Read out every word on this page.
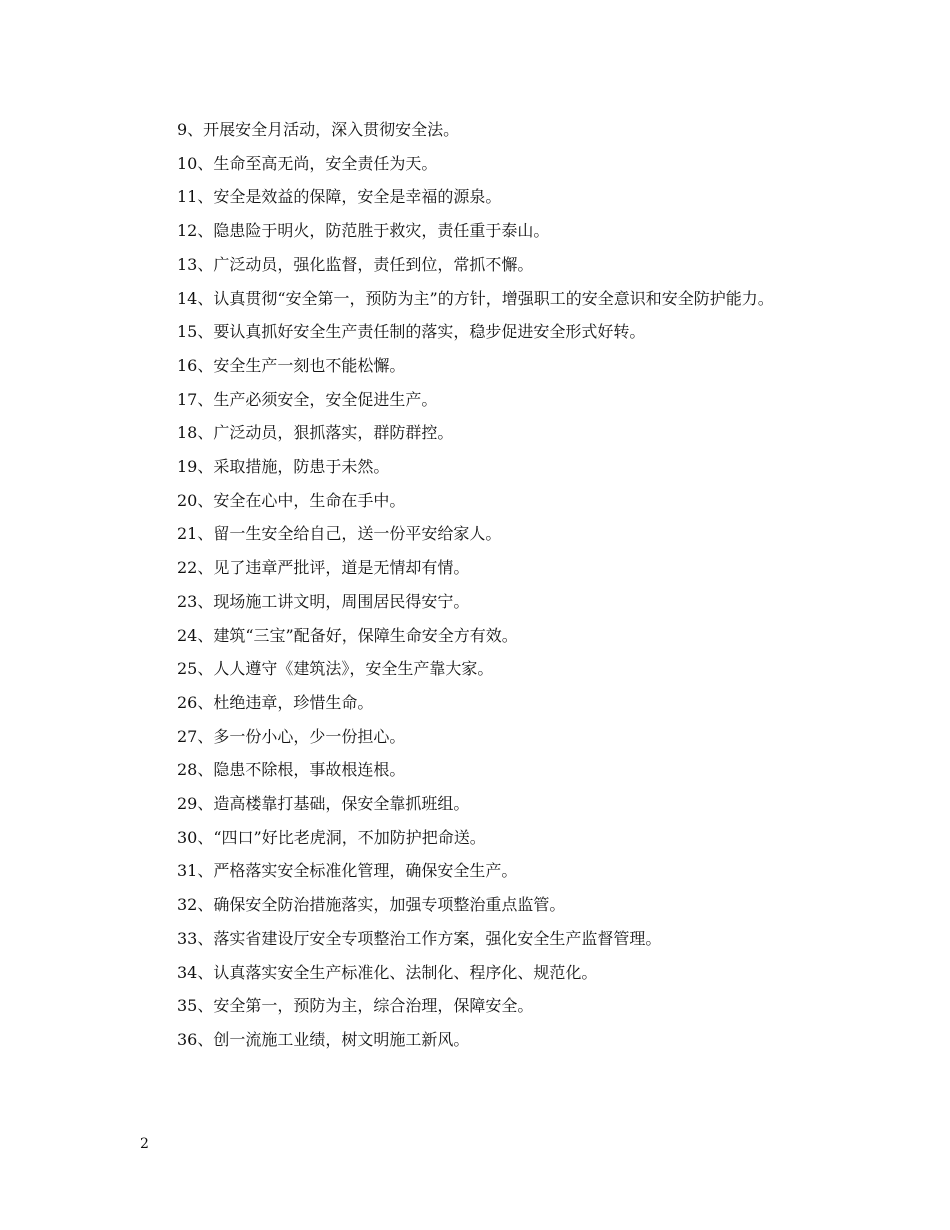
9、开展安全月活动，深入贯彻安全法。
10、生命至高无尚，安全责任为天。
11、安全是效益的保障，安全是幸福的源泉。
12、隐患险于明火，防范胜于救灾，责任重于泰山。
13、广泛动员，强化监督，责任到位，常抓不懈。
14、认真贯彻“安全第一，预防为主”的方针，增强职工的安全意识和安全防护能力。
15、要认真抓好安全生产责任制的落实，稳步促进安全形式好转。
16、安全生产一刻也不能松懈。
17、生产必须安全，安全促进生产。
18、广泛动员，狠抓落实，群防群控。
19、采取措施，防患于未然。
20、安全在心中，生命在手中。
21、留一生安全给自己，送一份平安给家人。
22、见了违章严批评，道是无情却有情。
23、现场施工讲文明，周围居民得安宁。
24、建筑“三宝”配备好，保障生命安全方有效。
25、人人遵守《建筑法》，安全生产靠大家。
26、杜绝违章，珍惜生命。
27、多一份小心，少一份担心。
28、隐患不除根，事故根连根。
29、造高楼靠打基础，保安全靠抓班组。
30、“四口”好比老虎洞，不加防护把命送。
31、严格落实安全标准化管理，确保安全生产。
32、确保安全防治措施落实，加强专项整治重点监管。
33、落实省建设厅安全专项整治工作方案，强化安全生产监督管理。
34、认真落实安全生产标准化、法制化、程序化、规范化。
35、安全第一，预防为主，综合治理，保障安全。
36、创一流施工业绩，树文明施工新风。
2
